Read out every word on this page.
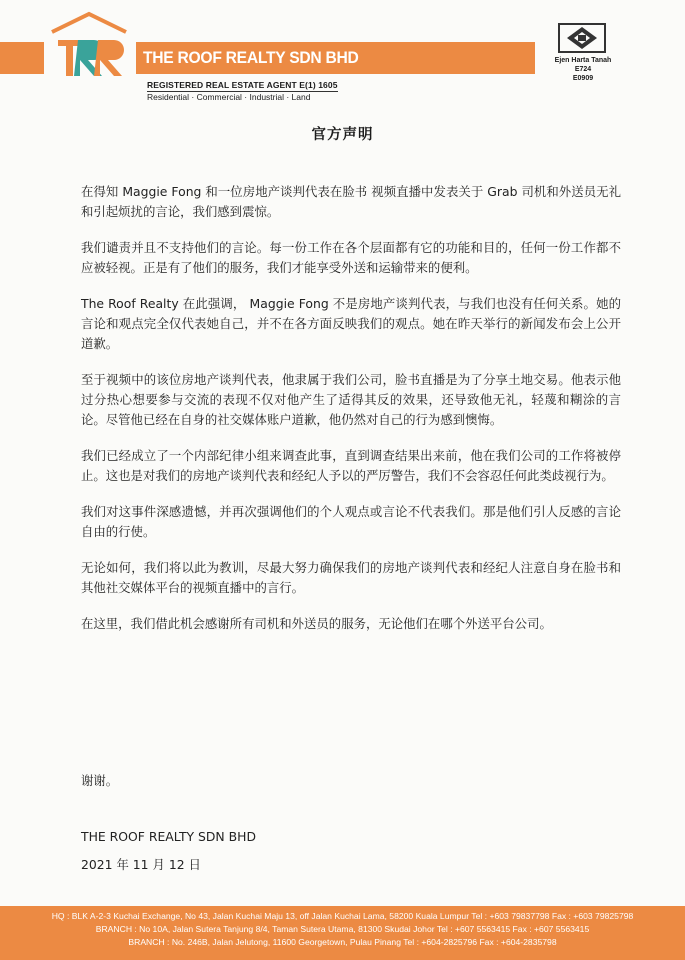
THE ROOF REALTY SDN BHD
REGISTERED REAL ESTATE AGENT E(1) 1605
Residential · Commercial · Industrial · Land
Ejen Harta Tanah
E724
E0909
官方声明

在得知 Maggie Fong 和一位房地产谈判代表在脸书 视频直播中发表关于 Grab 司机和外送员无礼和引起烦扰的言论，我们感到震惊。

我们谴责并且不支持他们的言论。每一份工作在各个层面都有它的功能和目的，任何一份工作都不应被轻视。正是有了他们的服务，我们才能享受外送和运输带来的便利。

The Roof Realty 在此强调， Maggie Fong 不是房地产谈判代表，与我们也没有任何关系。她的言论和观点完全仅代表她自己，并不在各方面反映我们的观点。她在昨天举行的新闻发布会上公开道歉。

至于视频中的该位房地产谈判代表，他隶属于我们公司，脸书直播是为了分享土地交易。他表示他过分热心想要参与交流的表现不仅对他产生了适得其反的效果，还导致他无礼，轻蔑和糊涂的言论。尽管他已经在自身的社交媒体账户道歉，他仍然对自己的行为感到懊悔。

我们已经成立了一个内部纪律小组来调查此事，直到调查结果出来前，他在我们公司的工作将被停止。这也是对我们的房地产谈判代表和经纪人予以的严厉警告，我们不会容忍任何此类歧视行为。

我们对这事件深感遗憾，并再次强调他们的个人观点或言论不代表我们。那是他们引人反感的言论自由的行使。

无论如何，我们将以此为教训，尽最大努力确保我们的房地产谈判代表和经纪人注意自身在脸书和其他社交媒体平台的视频直播中的言行。

在这里，我们借此机会感谢所有司机和外送员的服务，无论他们在哪个外送平台公司。

谢谢。
THE ROOF REALTY SDN BHD
2021 年 11 月 12 日
HQ : BLK A-2-3 Kuchai Exchange, No 43, Jalan Kuchai Maju 13, off Jalan Kuchai Lama, 58200 Kuala Lumpur Tel : +603 79837798 Fax : +603 79825798
BRANCH : No 10A, Jalan Sutera Tanjung 8/4, Taman Sutera Utama, 81300 Skudai Johor Tel : +607 5563415 Fax : +607 5563415
BRANCH : No. 246B, Jalan Jelutong, 11600 Georgetown, Pulau Pinang Tel : +604-2825796 Fax : +604-2835798
